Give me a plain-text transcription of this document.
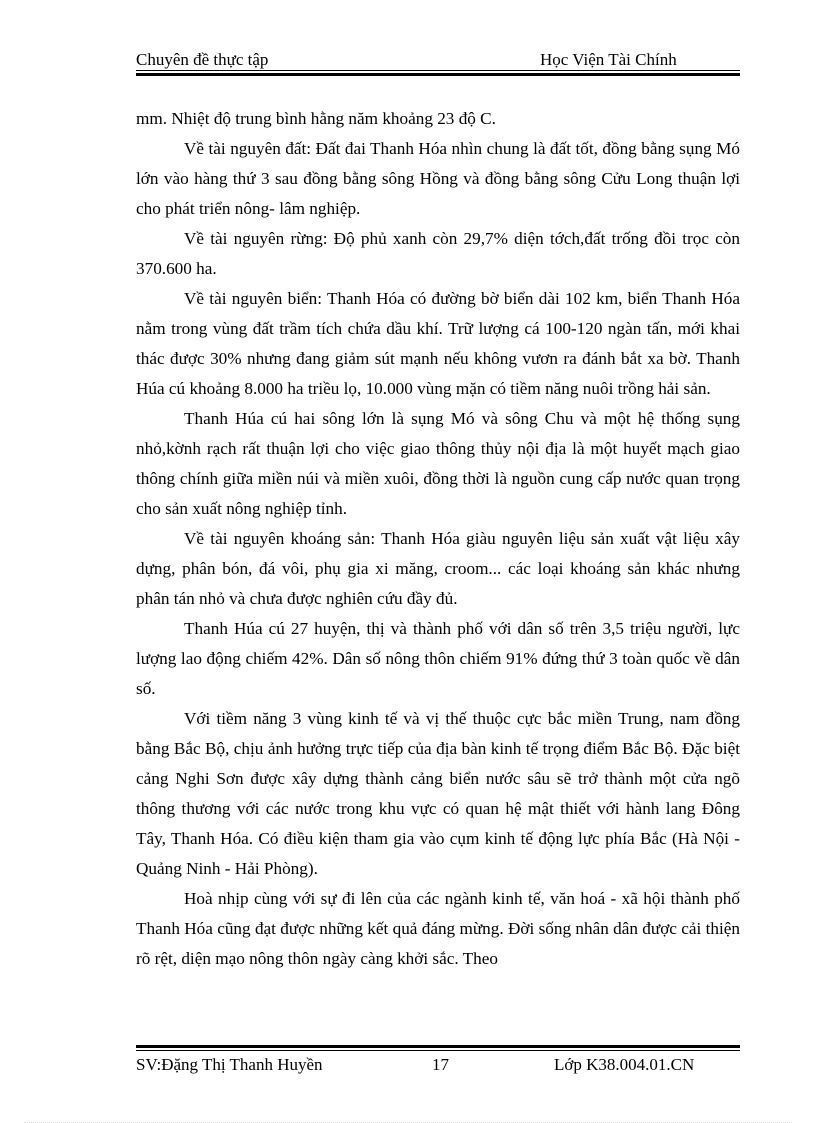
Chuyên đề thực tập	Học Viện Tài Chính

mm. Nhiệt độ trung bình hằng năm khoảng 23 độ C.

Về tài nguyên đất: Đất đai Thanh Hóa nhìn chung là đất tốt, đồng bằng sụng Mó lớn vào hàng thứ 3 sau đồng bằng sông Hồng và đồng bằng sông Cửu Long thuận lợi cho phát triển nông- lâm nghiệp.

Về tài nguyên rừng: Độ phủ xanh còn 29,7% diện tớch,đất trống đồi trọc còn 370.600 ha.

Về tài nguyên biển: Thanh Hóa có đường bờ biển dài 102 km, biển Thanh Hóa nằm trong vùng đất trầm tích chứa dầu khí. Trữ lượng cá 100-120 ngàn tấn, mới khai thác được 30% nhưng đang giảm sút mạnh nếu không vươn ra đánh bắt xa bờ. Thanh Húa cú khoảng 8.000 ha triều lọ, 10.000 vùng mặn có tiềm năng nuôi trồng hải sản.

Thanh Húa cú hai sông lớn là sụng Mó và sông Chu và một hệ thống sụng nhỏ,kờnh rạch rất thuận lợi cho việc giao thông thủy nội địa là một huyết mạch giao thông chính giữa miền núi và miền xuôi, đồng thời là nguồn cung cấp nước quan trọng cho sản xuất nông nghiệp tỉnh.

Về tài nguyên khoáng sản: Thanh Hóa giàu nguyên liệu sản xuất vật liệu xây dựng, phân bón, đá vôi, phụ gia xi măng, croom... các loại khoáng sản khác nhưng phân tán nhỏ và chưa được nghiên cứu đầy đủ.

Thanh Húa cú 27 huyện, thị và thành phố với dân số trên 3,5 triệu người, lực lượng lao động chiếm 42%. Dân số nông thôn chiếm 91% đứng thứ 3 toàn quốc về dân số.

Với tiềm năng 3 vùng kinh tế và vị thế thuộc cực bắc miền Trung, nam đồng bằng Bắc Bộ, chịu ảnh hưởng trực tiếp của địa bàn kinh tế trọng điểm Bắc Bộ. Đặc biệt cảng Nghi Sơn được xây dựng thành cảng biển nước sâu sẽ trở thành một cửa ngõ thông thương với các nước trong khu vực có quan hệ mật thiết với hành lang Đông Tây, Thanh Hóa. Có điều kiện tham gia vào cụm kinh tế động lực phía Bắc (Hà Nội - Quảng Ninh - Hải Phòng).

Hoà nhịp cùng với sự đi lên của các ngành kinh tế, văn hoá - xã hội thành phố Thanh Hóa cũng đạt được những kết quả đáng mừng. Đời sống nhân dân được cải thiện rõ rệt, diện mạo nông thôn ngày càng khởi sắc. Theo

SV:Đặng Thị Thanh Huyền	17	Lớp K38.004.01.CN
